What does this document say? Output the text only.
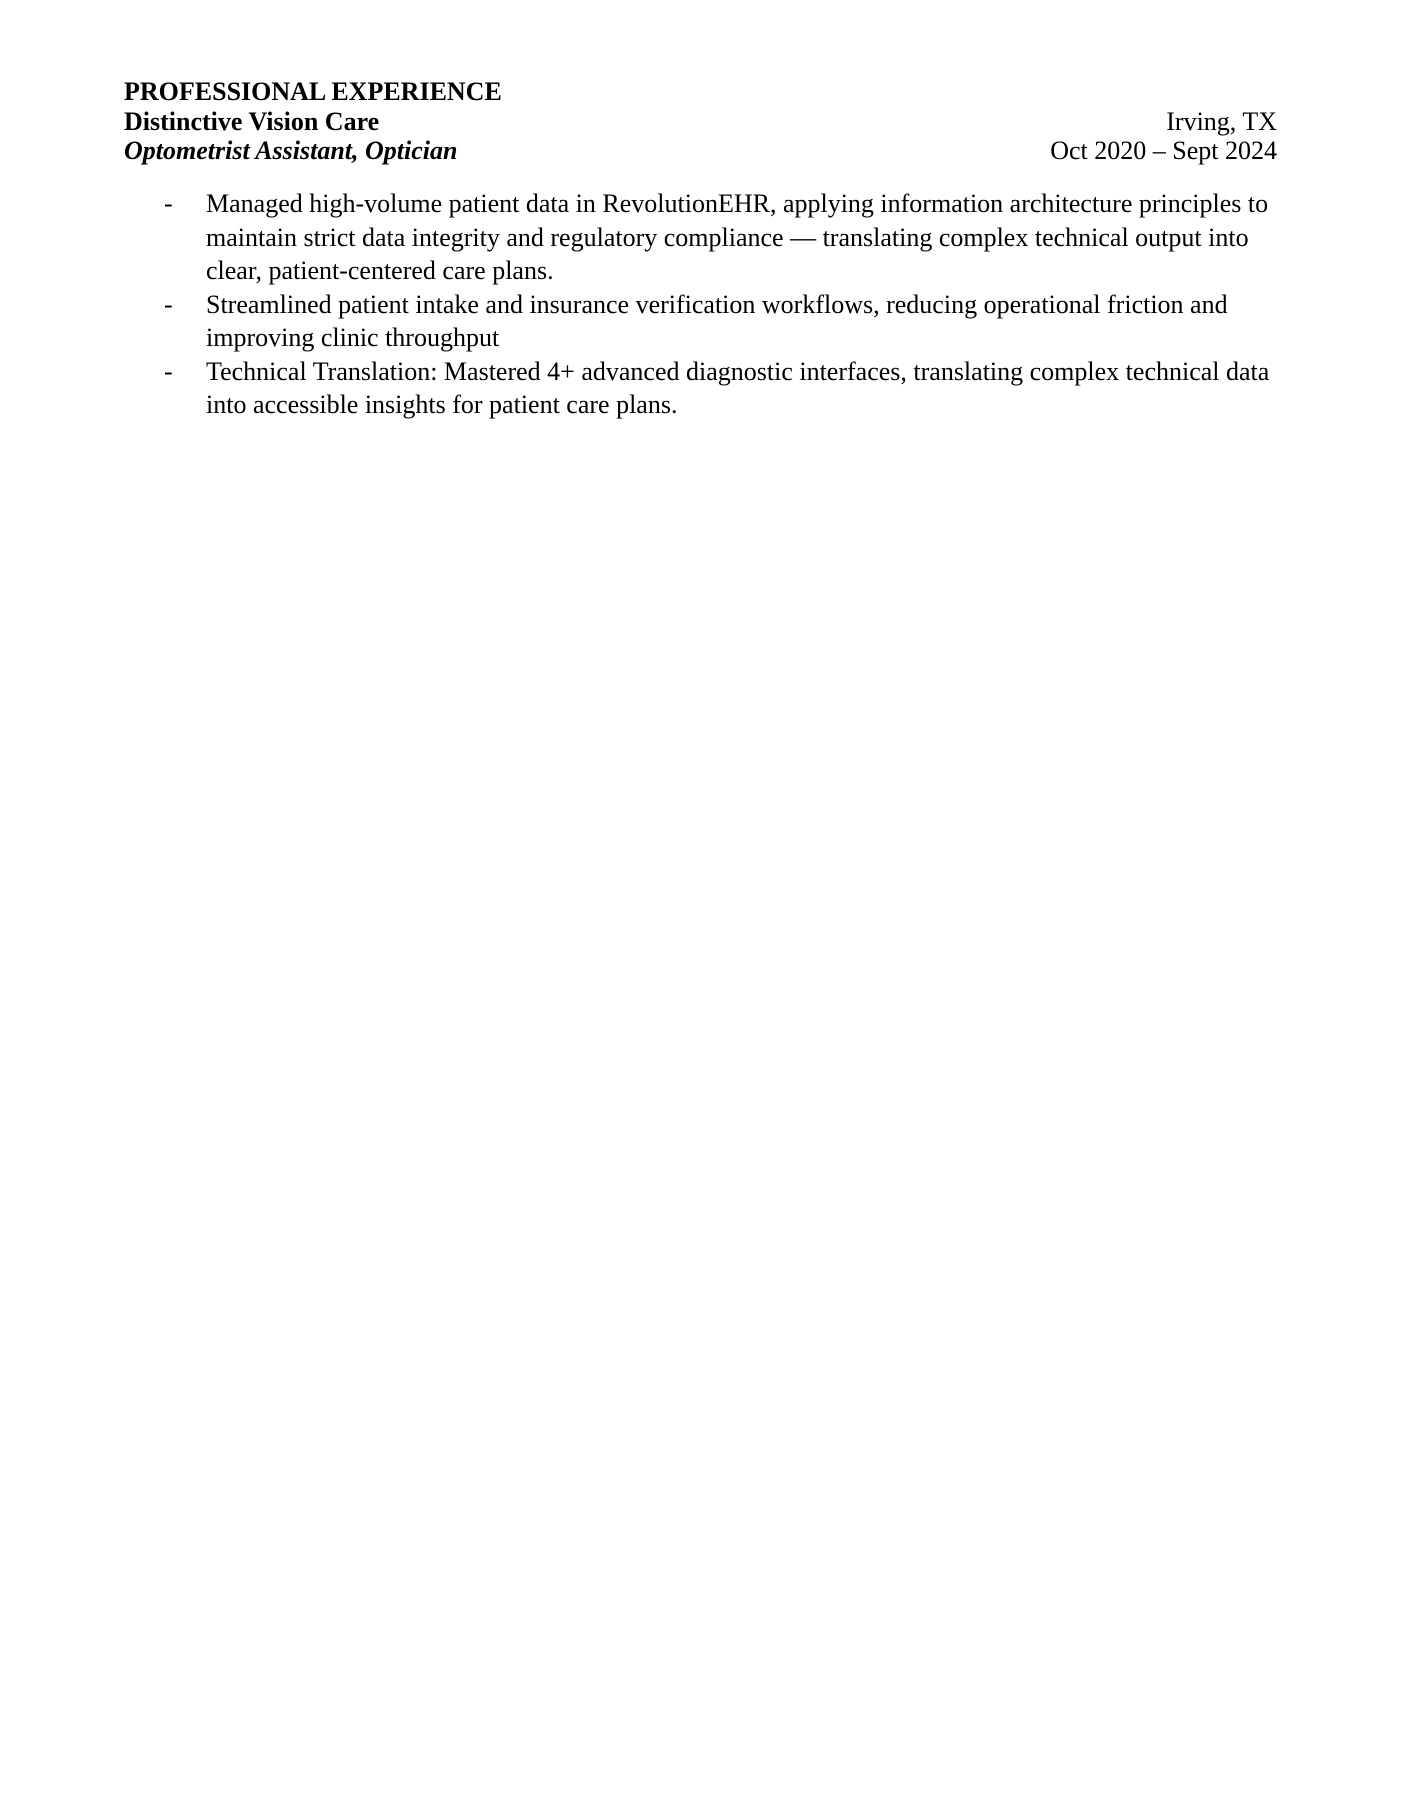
PROFESSIONAL EXPERIENCE
Distinctive Vision Care	Irving, TX
Optometrist Assistant, Optician	Oct 2020 – Sept 2024
-	Managed high-volume patient data in RevolutionEHR, applying information architecture principles to maintain strict data integrity and regulatory compliance — translating complex technical output into clear, patient-centered care plans.
-	Streamlined patient intake and insurance verification workflows, reducing operational friction and improving clinic throughput
-	Technical Translation: Mastered 4+ advanced diagnostic interfaces, translating complex technical data into accessible insights for patient care plans.
